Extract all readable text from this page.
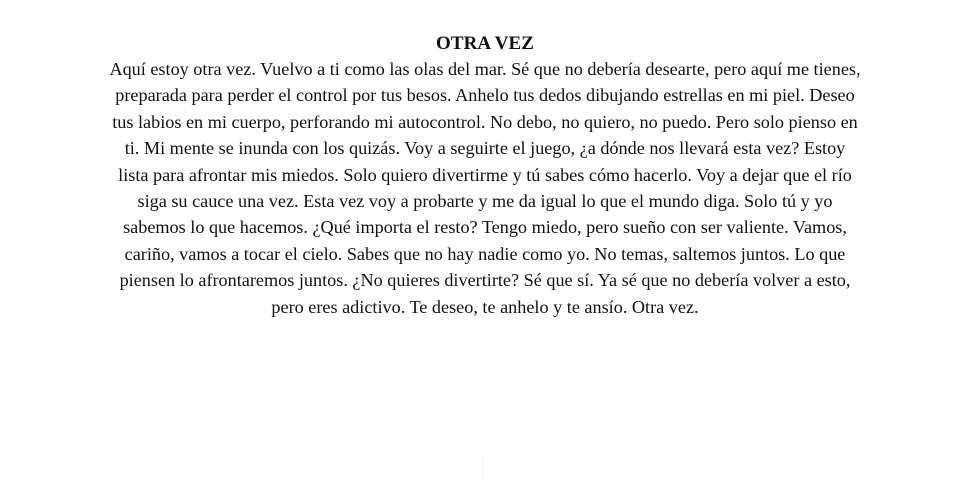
OTRA VEZ

Aquí estoy otra vez. Vuelvo a ti como las olas del mar. Sé que no debería desearte, pero aquí me tienes, preparada para perder el control por tus besos. Anhelo tus dedos dibujando estrellas en mi piel. Deseo tus labios en mi cuerpo, perforando mi autocontrol. No debo, no quiero, no puedo. Pero solo pienso en ti. Mi mente se inunda con los quizás. Voy a seguirte el juego, ¿a dónde nos llevará esta vez? Estoy lista para afrontar mis miedos. Solo quiero divertirme y tú sabes cómo hacerlo. Voy a dejar que el río siga su cauce una vez. Esta vez voy a probarte y me da igual lo que el mundo diga. Solo tú y yo sabemos lo que hacemos. ¿Qué importa el resto? Tengo miedo, pero sueño con ser valiente. Vamos, cariño, vamos a tocar el cielo. Sabes que no hay nadie como yo. No temas, saltemos juntos. Lo que piensen lo afrontaremos juntos. ¿No quieres divertirte? Sé que sí. Ya sé que no debería volver a esto, pero eres adictivo. Te deseo, te anhelo y te ansío. Otra vez.
